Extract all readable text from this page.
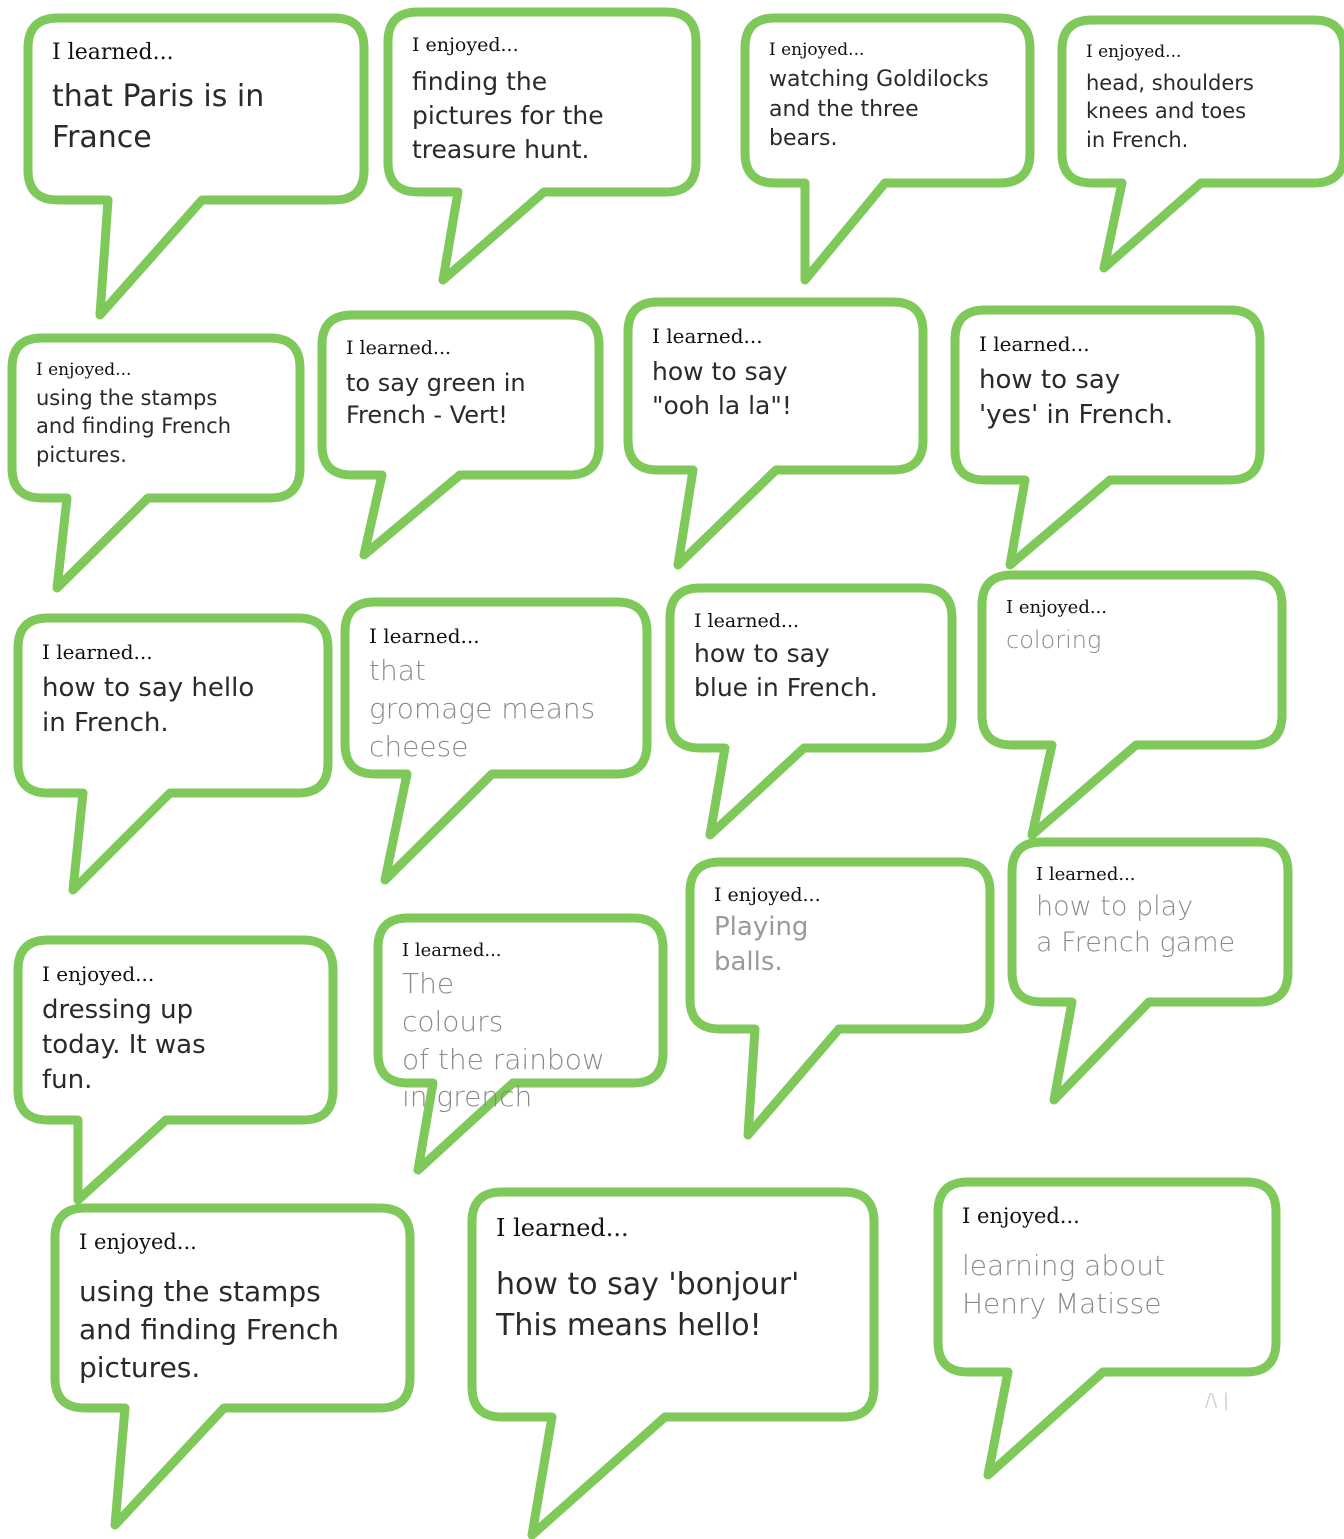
I learned...
that Paris is in
France
I enjoyed...
finding the
pictures for the
treasure hunt.
I enjoyed...
watching Goldilocks
and the three
bears.
I enjoyed...
head, shoulders
knees and toes
in French.
I enjoyed...
using the stamps
and finding French
pictures.
I learned...
to say green in
French - Vert!
I learned...
how to say
"ooh la la"!
I learned...
how to say
'yes' in French.
I learned...
how to say hello
in French.
I learned...
that
gromage means
cheese
I learned...
how to say
blue in French.
I enjoyed...
coloring
I enjoyed...
dressing up
today. It was
fun.
I learned...
The
colours
of the rainbow
in grench
I enjoyed...
Playing
balls.
I learned...
how to play
a French game
I enjoyed...
using the stamps
and finding French
pictures.
I learned...
how to say 'bonjour'
This means hello!
I enjoyed...
learning about
Henry Matisse
/\ |
